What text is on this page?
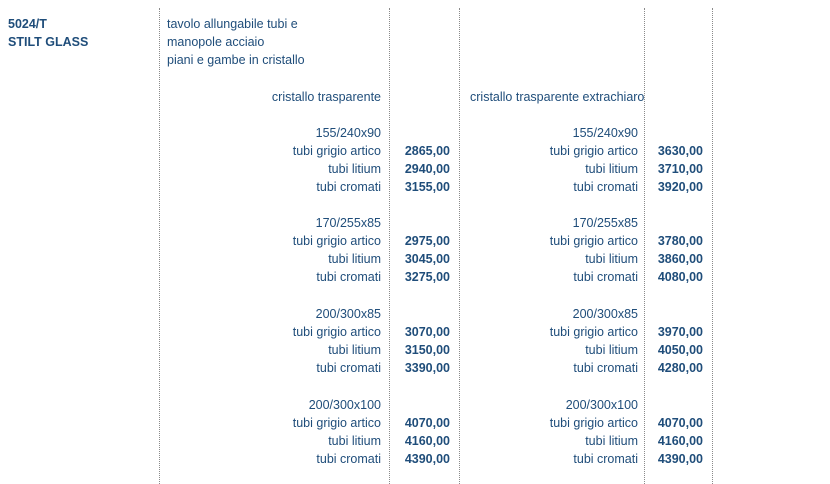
5024/T
STILT GLASS
tavolo allungabile tubi e
manopole acciaio
piani e gambe in cristallo
cristallo trasparente	cristallo trasparente extrachiaro
155/240x90
tubi grigio artico 2865,00
tubi litium 2940,00
tubi cromati 3155,00
170/255x85
tubi grigio artico 2975,00
tubi litium 3045,00
tubi cromati 3275,00
200/300x85
tubi grigio artico 3070,00
tubi litium 3150,00
tubi cromati 3390,00
200/300x100
tubi grigio artico 4070,00
tubi litium 4160,00
tubi cromati 4390,00
155/240x90
tubi grigio artico 3630,00
tubi litium 3710,00
tubi cromati 3920,00
170/255x85
tubi grigio artico 3780,00
tubi litium 3860,00
tubi cromati 4080,00
200/300x85
tubi grigio artico 3970,00
tubi litium 4050,00
tubi cromati 4280,00
200/300x100
tubi grigio artico 4070,00
tubi litium 4160,00
tubi cromati 4390,00
